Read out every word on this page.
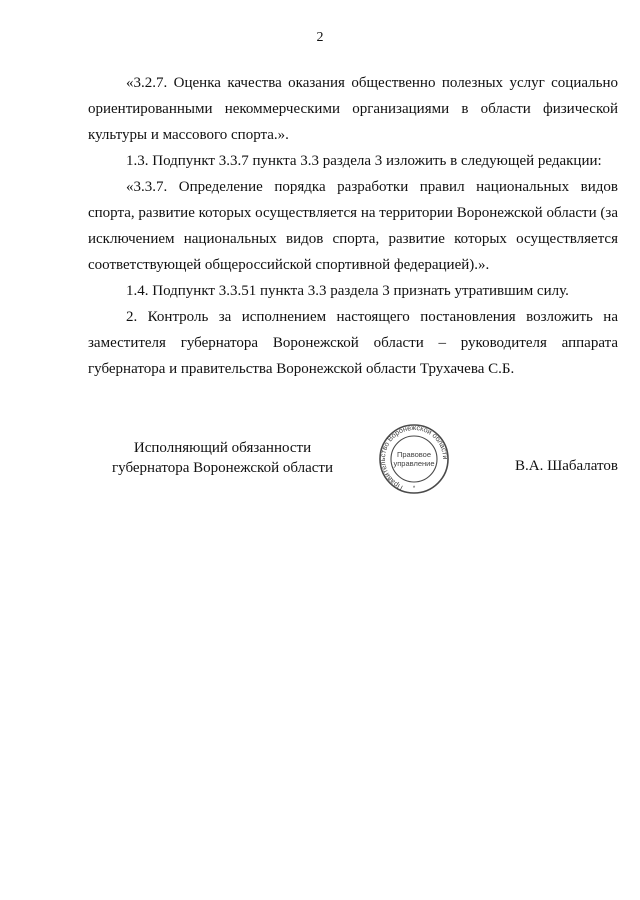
2

«3.2.7. Оценка качества оказания общественно полезных услуг социально ориентированными некоммерческими организациями в области физической культуры и массового спорта.».

1.3. Подпункт 3.3.7 пункта 3.3 раздела 3 изложить в следующей редакции:

«3.3.7. Определение порядка разработки правил национальных видов спорта, развитие которых осуществляется на территории Воронежской области (за исключением национальных видов спорта, развитие которых осуществляется соответствующей общероссийской спортивной федерацией).».

1.4. Подпункт 3.3.51 пункта 3.3 раздела 3 признать утратившим силу.

2. Контроль за исполнением настоящего постановления возложить на заместителя губернатора Воронежской области – руководителя аппарата губернатора и правительства Воронежской области Трухачева С.Б.

Исполняющий обязанности
губернатора Воронежской области
Правительство Воронежской области
Правовое
управление
*
В.А. Шабалатов
